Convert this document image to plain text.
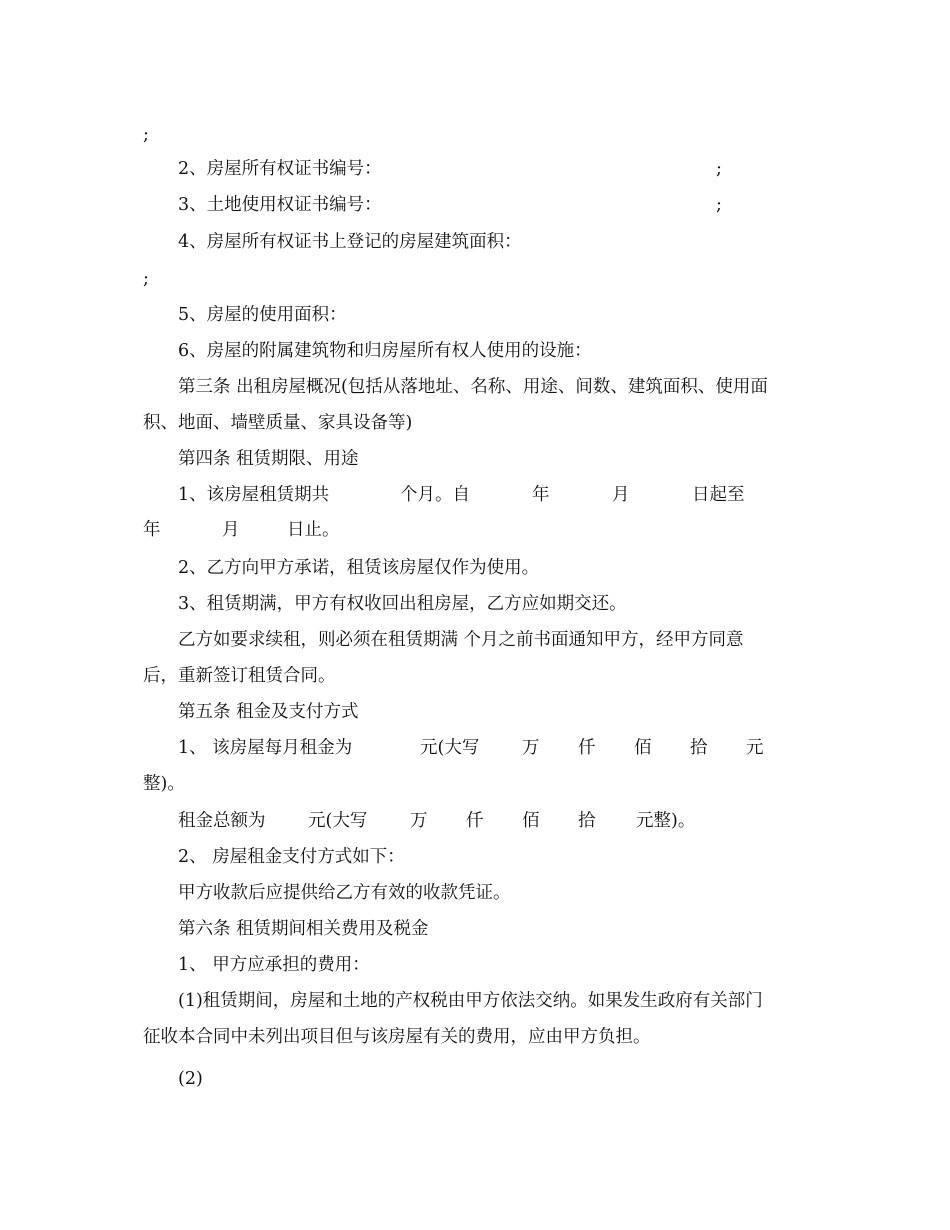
;
2、房屋所有权证书编号：	;
3、土地使用权证书编号：	;
4、房屋所有权证书上登记的房屋建筑面积：
;
5、房屋的使用面积：
6、房屋的附属建筑物和归房屋所有权人使用的设施：
第三条 出租房屋概况(包括从落地址、名称、用途、间数、建筑面积、使用面
积、地面、墙壁质量、家具设备等)
第四条 租赁期限、用途
1、该房屋租赁期共	个月。自	年	月	日起至
年	月	日止。
2、乙方向甲方承诺，租赁该房屋仅作为使用。
3、租赁期满，甲方有权收回出租房屋，乙方应如期交还。
乙方如要求续租，则必须在租赁期满 个月之前书面通知甲方，经甲方同意
后，重新签订租赁合同。
第五条 租金及支付方式
1、 该房屋每月租金为	元(大写 万 仟 佰 拾 元
整)。
租金总额为 元(大写 万 仟 佰 拾 元整)。
2、 房屋租金支付方式如下：
甲方收款后应提供给乙方有效的收款凭证。
第六条 租赁期间相关费用及税金
1、 甲方应承担的费用：
(1)租赁期间，房屋和土地的产权税由甲方依法交纳。如果发生政府有关部门
征收本合同中未列出项目但与该房屋有关的费用，应由甲方负担。
(2)
